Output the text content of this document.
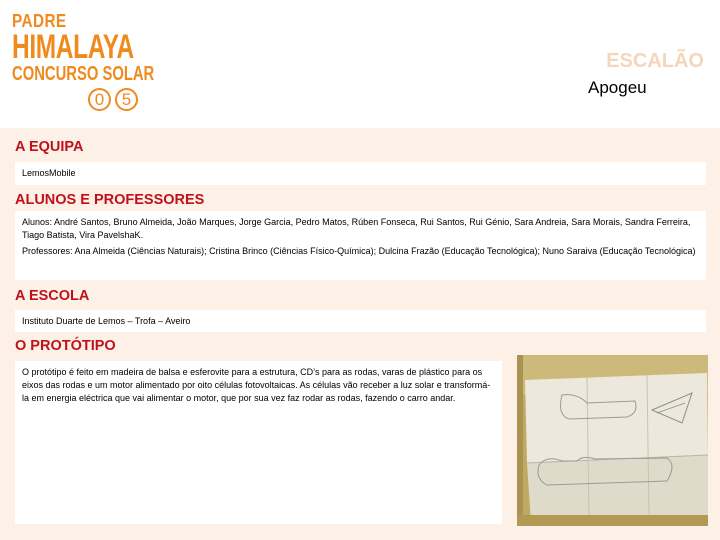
PADRE
HIMALAYA
CONCURSO SOLAR
0	5
ESCALÃO
Apogeu
A EQUIPA
LemosMobile
ALUNOS E PROFESSORES
Alunos: André Santos, Bruno Almeida, João Marques, Jorge Garcia, Pedro Matos, Rúben Fonseca, Rui Santos, Rui Génio, Sara Andreia, Sara Morais, Sandra Ferreira, Tiago Batista, Vira PavelshaK.
Professores: Ana Almeida (Ciências Naturais); Cristina Brinco (Ciências Físico-Química); Dulcina Frazão (Educação Tecnológica); Nuno Saraiva (Educação Tecnológica)
A ESCOLA
Instituto Duarte de Lemos – Trofa – Aveiro
O PROTÓTIPO
O protótipo é feito em madeira de balsa e esferovite para a estrutura, CD’s para as rodas, varas de plástico para os eixos das rodas e um motor alimentado por oito células fotovoltaicas. As células vão receber a luz solar e transformá-la em energia eléctrica que vai alimentar o motor, que por sua vez faz rodar as rodas, fazendo o carro andar.
